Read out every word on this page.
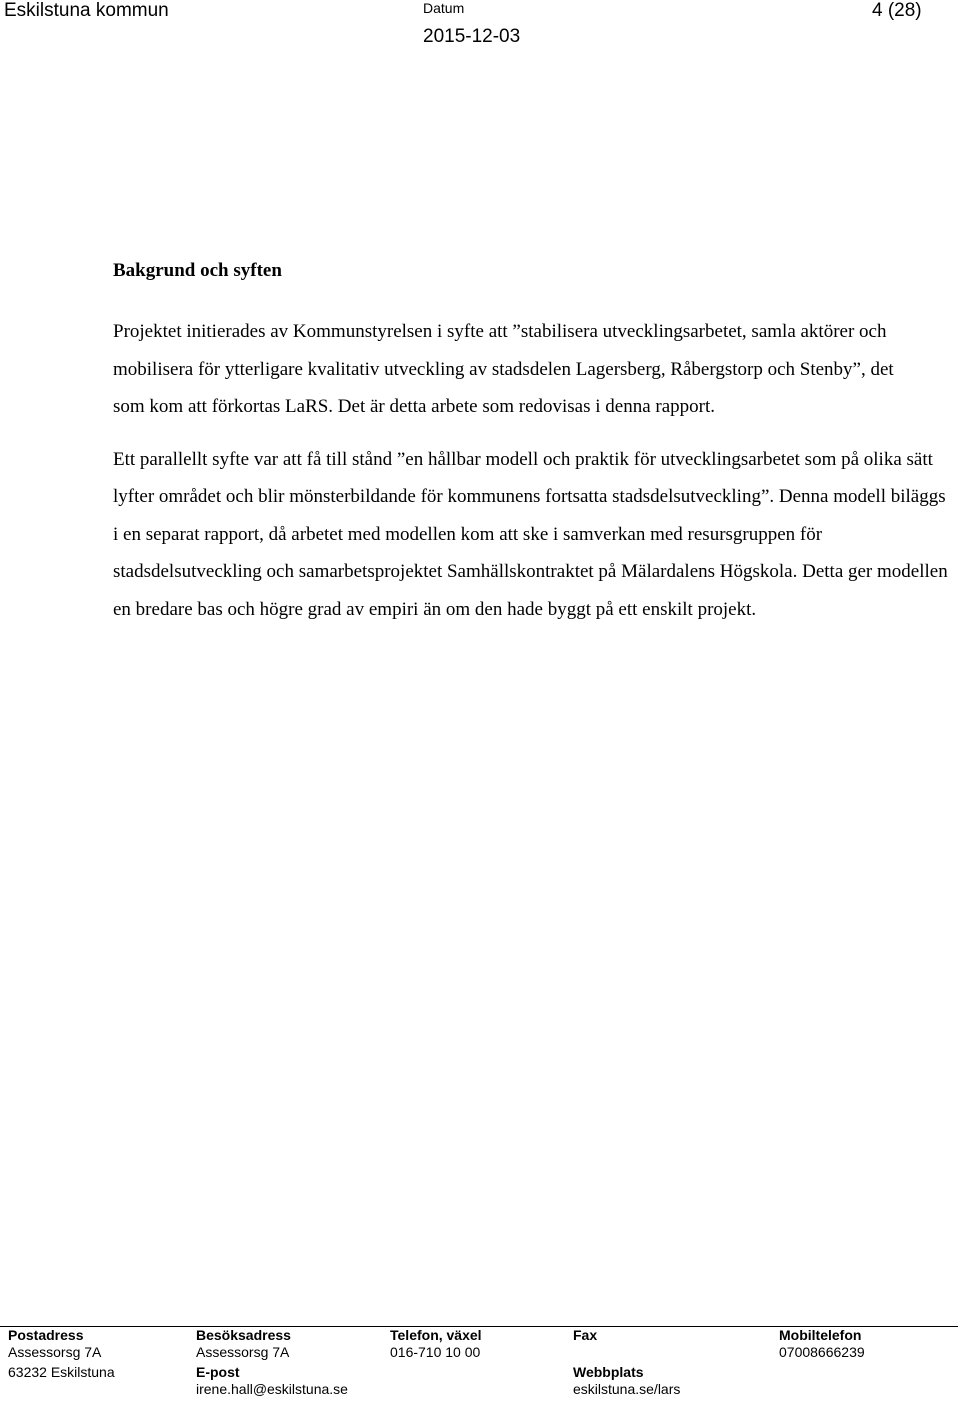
Eskilstuna kommun	Datum
2015-12-03
4 (28)
Bakgrund och syften

Projektet initierades av Kommunstyrelsen i syfte att ”stabilisera utvecklingsarbetet, samla aktörer och mobilisera för ytterligare kvalitativ utveckling av stadsdelen Lagersberg, Råbergstorp och Stenby”, det som kom att förkortas LaRS. Det är detta arbete som redovisas i denna rapport.

Ett parallellt syfte var att få till stånd ”en hållbar modell och praktik för utvecklingsarbetet som på olika sätt lyfter området och blir mönsterbildande för kommunens fortsatta stadsdelsutveckling”. Denna modell biläggs i en separat rapport, då arbetet med modellen kom att ske i samverkan med resursgruppen för stadsdelsutveckling och samarbetsprojektet Samhällskontraktet på Mälardalens Högskola. Detta ger modellen en bredare bas och högre grad av empiri än om den hade byggt på ett enskilt projekt.

Postadress
Assessorsg 7A
63232 Eskilstuna
Besöksadress
Assessorsg 7A
E-post
irene.hall@eskilstuna.se
Telefon, växel
016-710 10 00
Fax
Webbplats
eskilstuna.se/lars
Mobiltelefon
07008666239
